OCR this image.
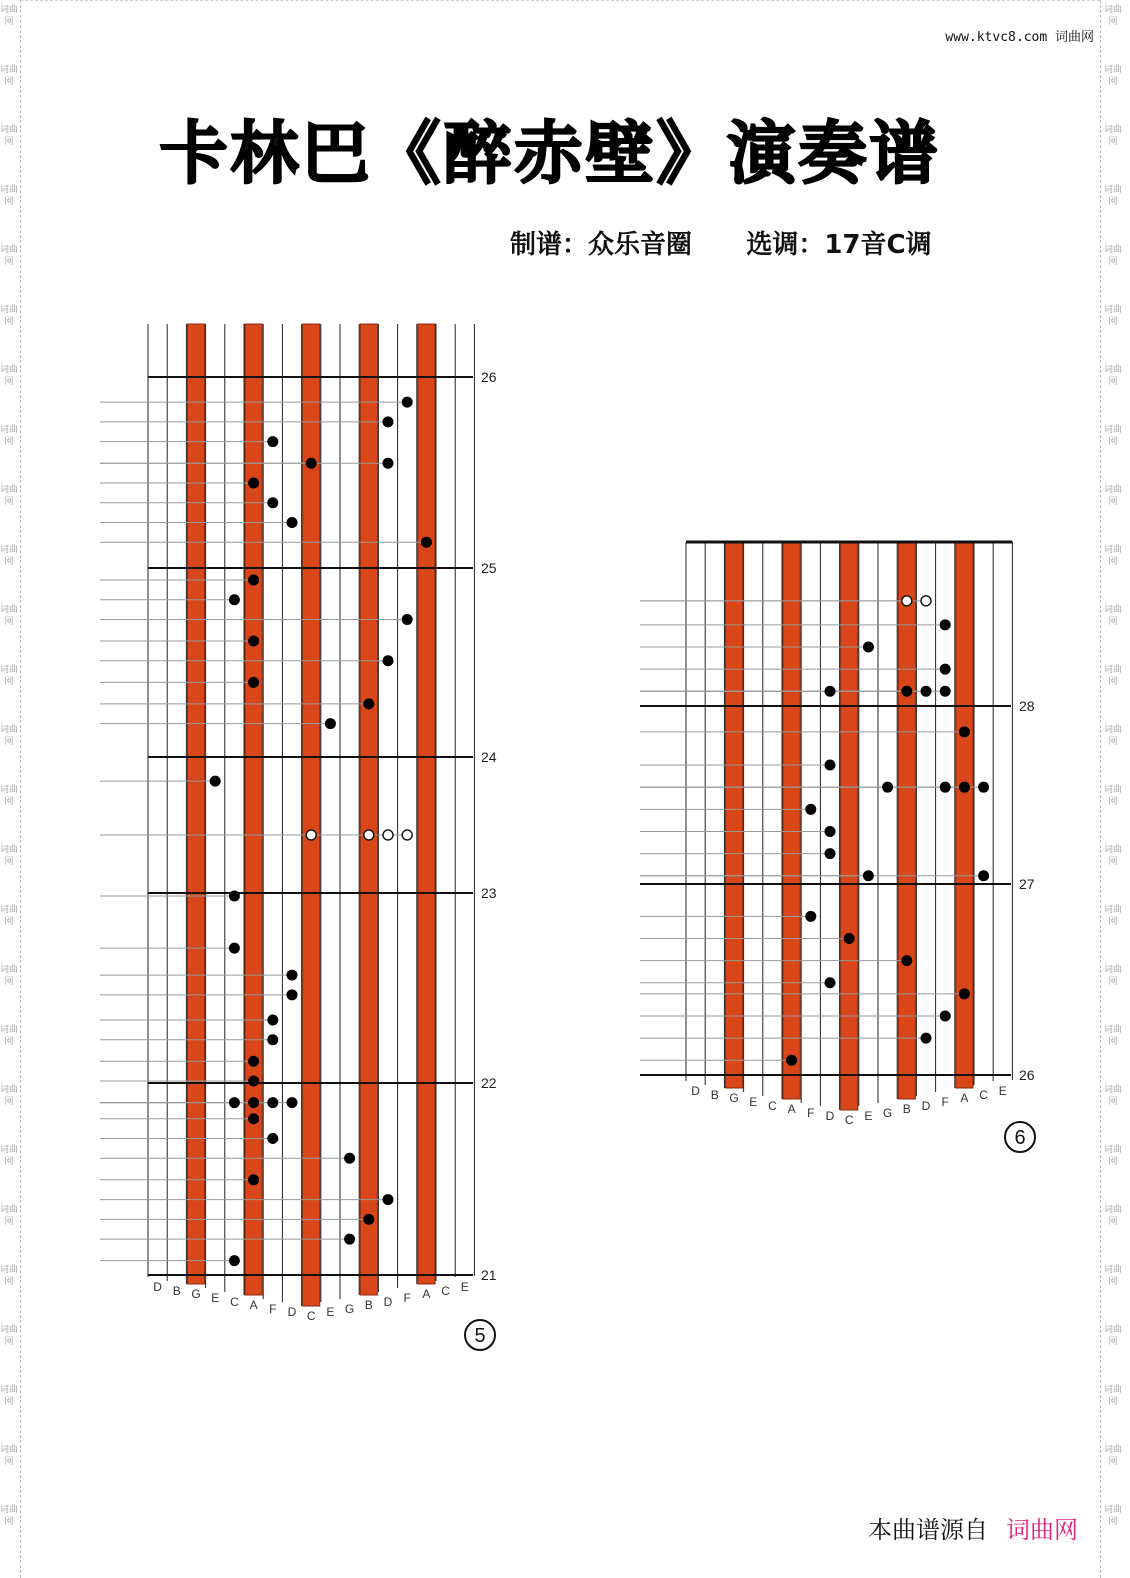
www.ktvc8.com 词曲网
卡林巴《醉赤壁》演奏谱
制谱：众乐音圈 选调：17音C调
21
22
23
24
25
26
D B G E C A F D C E G B D F A C E
5
26
27
28
D B G E C A F D C E G B D F A C E
6
本曲谱源自 词曲网
词曲网
词曲网
词曲网
词曲网
词曲网
词曲网
词曲网
词曲网
词曲网
词曲网
词曲网
词曲网
词曲网
词曲网
词曲网
词曲网
词曲网
词曲网
词曲网
词曲网
词曲网
词曲网
词曲网
词曲网
词曲网
词曲网
词曲网
词曲网
词曲网
词曲网
词曲网
词曲网
词曲网
词曲网
词曲网
词曲网
词曲网
词曲网
词曲网
词曲网
词曲网
词曲网
词曲网
词曲网
词曲网
词曲网
词曲网
词曲网
词曲网
词曲网
词曲网
词曲网
